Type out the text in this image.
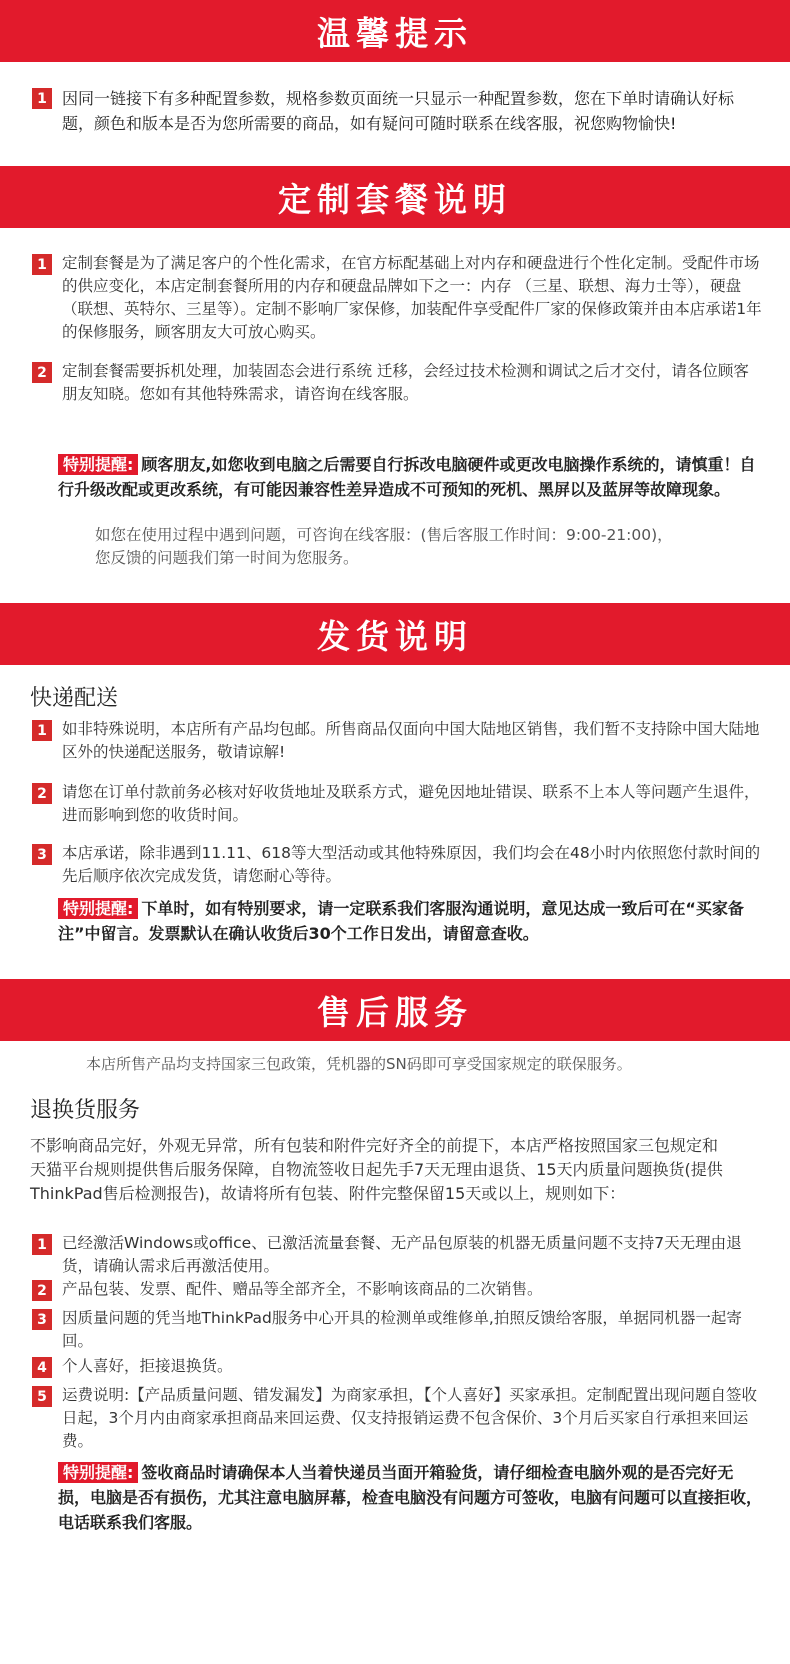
温馨提示
1 因同一链接下有多种配置参数，规格参数页面统一只显示一种配置参数，您在下单时请确认好标题，颜色和版本是否为您所需要的商品，如有疑问可随时联系在线客服，祝您购物愉快!
定制套餐说明
1 定制套餐是为了满足客户的个性化需求，在官方标配基础上对内存和硬盘进行个性化定制。受配件市场的供应变化，本店定制套餐所用的内存和硬盘品牌如下之一：内存 （三星、联想、海力士等），硬盘（联想、英特尔、三星等）。定制不影响厂家保修，加装配件享受配件厂家的保修政策并由本店承诺1年的保修服务，顾客朋友大可放心购买。
2 定制套餐需要拆机处理，加装固态会进行系统 迁移，会经过技术检测和调试之后才交付，请各位顾客朋友知晓。您如有其他特殊需求，请咨询在线客服。
特别提醒: 顾客朋友,如您收到电脑之后需要自行拆改电脑硬件或更改电脑操作系统的，请慎重！自行升级改配或更改系统，有可能因兼容性差异造成不可预知的死机、黑屏以及蓝屏等故障现象。
如您在使用过程中遇到问题，可咨询在线客服：(售后客服工作时间：9:00-21:00)，
您反馈的问题我们第一时间为您服务。
发货说明
快递配送
1 如非特殊说明，本店所有产品均包邮。所售商品仅面向中国大陆地区销售，我们暂不支持除中国大陆地区外的快递配送服务，敬请谅解!
2 请您在订单付款前务必核对好收货地址及联系方式，避免因地址错误、联系不上本人等问题产生退件，进而影响到您的收货时间。
3 本店承诺，除非遇到11.11、618等大型活动或其他特殊原因，我们均会在48小时内依照您付款时间的先后顺序依次完成发货，请您耐心等待。
特别提醒: 下单时，如有特别要求，请一定联系我们客服沟通说明，意见达成一致后可在“买家备注”中留言。发票默认在确认收货后30个工作日发出，请留意查收。
售后服务
本店所售产品均支持国家三包政策，凭机器的SN码即可享受国家规定的联保服务。
退换货服务
不影响商品完好，外观无异常，所有包装和附件完好齐全的前提下，本店严格按照国家三包规定和天猫平台规则提供售后服务保障，自物流签收日起先手7天无理由退货、15天内质量问题换货(提供ThinkPad售后检测报告)，故请将所有包装、附件完整保留15天或以上，规则如下：
1 已经激活Windows或office、已激活流量套餐、无产品包原装的机器无质量问题不支持7天无理由退货，请确认需求后再激活使用。
2 产品包装、发票、配件、赠品等全部齐全，不影响该商品的二次销售。
3 因质量问题的凭当地ThinkPad服务中心开具的检测单或维修单,拍照反馈给客服，单据同机器一起寄回。
4 个人喜好，拒接退换货。
5 运费说明:【产品质量问题、错发漏发】为商家承担，【个人喜好】买家承担。定制配置出现问题自签收日起，3个月内由商家承担商品来回运费、仅支持报销运费不包含保价、3个月后买家自行承担来回运费。
特别提醒: 签收商品时请确保本人当着快递员当面开箱验货，请仔细检查电脑外观的是否完好无损，电脑是否有损伤，尤其注意电脑屏幕，检查电脑没有问题方可签收，电脑有问题可以直接拒收，电话联系我们客服。
